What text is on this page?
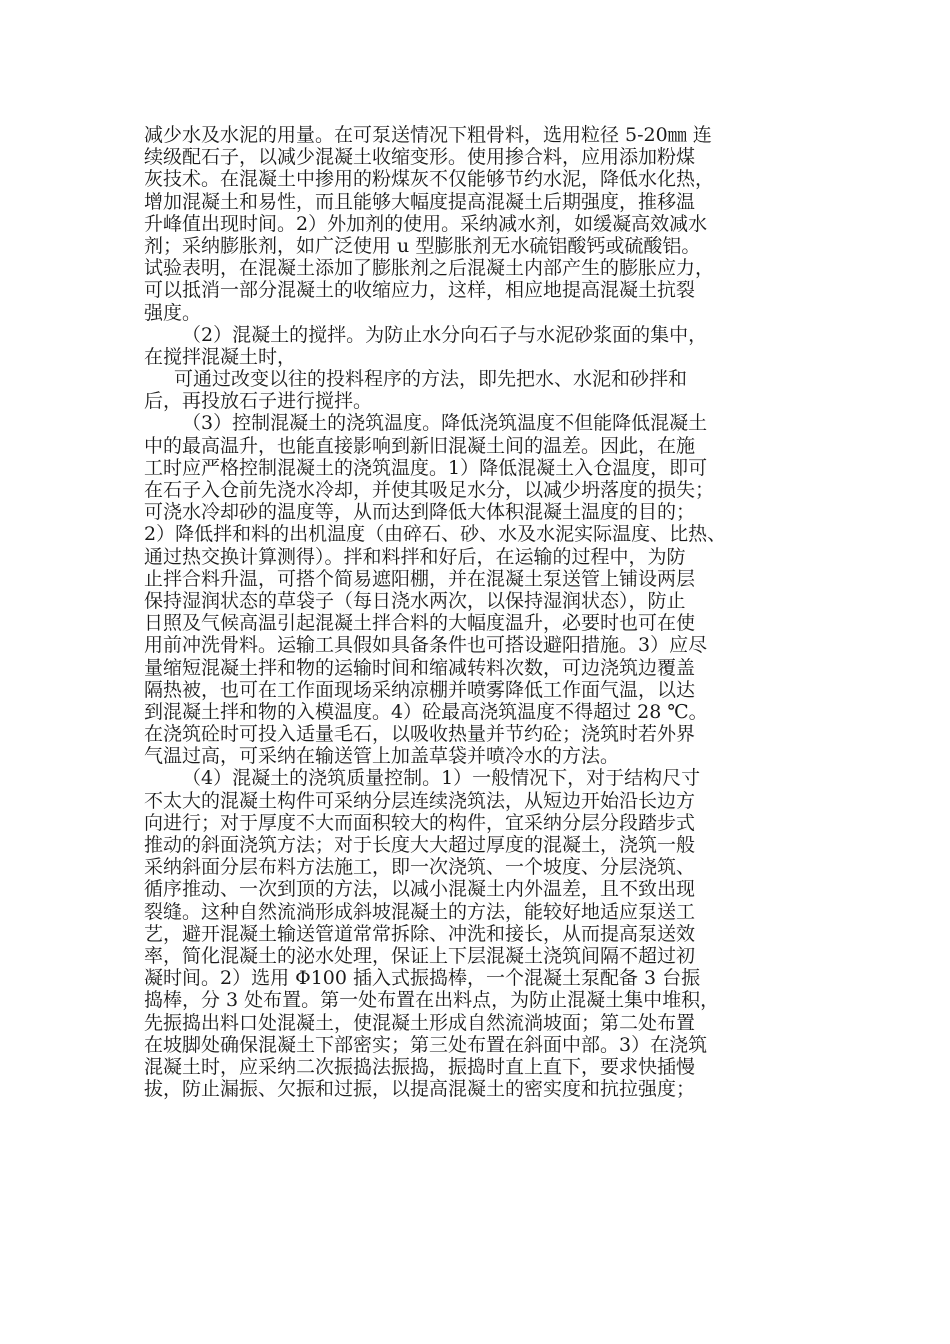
减少水及水泥的用量。在可泵送情况下粗骨料，选用粒径 5-20㎜ 连
续级配石子，以减少混凝土收缩变形。使用掺合料，应用添加粉煤
灰技术。在混凝土中掺用的粉煤灰不仅能够节约水泥，降低水化热，
增加混凝土和易性，而且能够大幅度提高混凝土后期强度，推移温
升峰值出现时间。2）外加剂的使用。采纳减水剂，如缓凝高效减水
剂；采纳膨胀剂，如广泛使用 u 型膨胀剂无水硫铝酸钙或硫酸铝。
试验表明，在混凝土添加了膨胀剂之后混凝土内部产生的膨胀应力，
可以抵消一部分混凝土的收缩应力，这样，相应地提高混凝土抗裂
强度。
（2）混凝土的搅拌。为防止水分向石子与水泥砂浆面的集中，
在搅拌混凝土时，
可通过改变以往的投料程序的方法，即先把水、水泥和砂拌和
后，再投放石子进行搅拌。
（3）控制混凝土的浇筑温度。降低浇筑温度不但能降低混凝土
中的最高温升，也能直接影响到新旧混凝土间的温差。因此，在施
工时应严格控制混凝土的浇筑温度。1）降低混凝土入仓温度，即可
在石子入仓前先浇水冷却，并使其吸足水分，以减少坍落度的损失；
可浇水冷却砂的温度等，从而达到降低大体积混凝土温度的目的；
2）降低拌和料的出机温度（由碎石、砂、水及水泥实际温度、比热、
通过热交换计算测得）。拌和料拌和好后，在运输的过程中，为防
止拌合料升温，可搭个简易遮阳棚，并在混凝土泵送管上铺设两层
保持湿润状态的草袋子（每日浇水两次，以保持湿润状态），防止
日照及气候高温引起混凝土拌合料的大幅度温升，必要时也可在使
用前冲洗骨料。运输工具假如具备条件也可搭设避阳措施。3）应尽
量缩短混凝土拌和物的运输时间和缩减转料次数，可边浇筑边覆盖
隔热被，也可在工作面现场采纳凉棚并喷雾降低工作面气温，以达
到混凝土拌和物的入模温度。4）砼最高浇筑温度不得超过 28 ℃。
在浇筑砼时可投入适量毛石，以吸收热量并节约砼；浇筑时若外界
气温过高，可采纳在输送管上加盖草袋并喷冷水的方法。
（4）混凝土的浇筑质量控制。1）一般情况下，对于结构尺寸
不太大的混凝土构件可采纳分层连续浇筑法，从短边开始沿长边方
向进行；对于厚度不大而面积较大的构件，宜采纳分层分段踏步式
推动的斜面浇筑方法；对于长度大大超过厚度的混凝土，浇筑一般
采纳斜面分层布料方法施工，即一次浇筑、一个坡度、分层浇筑、
循序推动、一次到顶的方法，以减小混凝土内外温差，且不致出现
裂缝。这种自然流淌形成斜坡混凝土的方法，能较好地适应泵送工
艺，避开混凝土输送管道常常拆除、冲洗和接长，从而提高泵送效
率，简化混凝土的泌水处理，保证上下层混凝土浇筑间隔不超过初
凝时间。2）选用 Φ100 插入式振捣棒，一个混凝土泵配备 3 台振
捣棒，分 3 处布置。第一处布置在出料点，为防止混凝土集中堆积，
先振捣出料口处混凝土，使混凝土形成自然流淌坡面；第二处布置
在坡脚处确保混凝土下部密实；第三处布置在斜面中部。3）在浇筑
混凝土时，应采纳二次振捣法振捣，振捣时直上直下，要求快插慢
拔，防止漏振、欠振和过振，以提高混凝土的密实度和抗拉强度；
